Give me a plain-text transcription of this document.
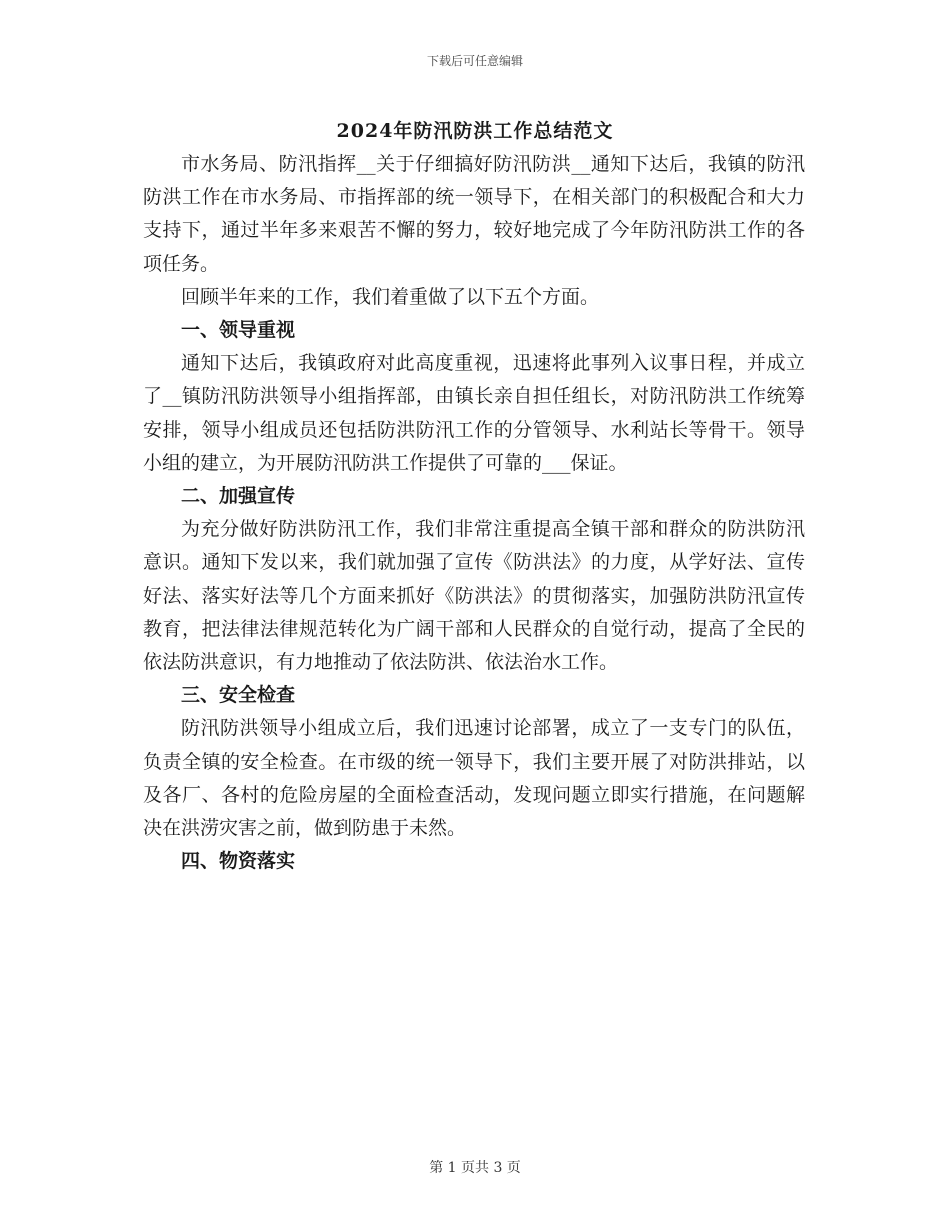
下载后可任意编辑
2024年防汛防洪工作总结范文

市水务局、防汛指挥__关于仔细搞好防汛防洪__通知下达后，我镇的防汛防洪工作在市水务局、市指挥部的统一领导下，在相关部门的积极配合和大力支持下，通过半年多来艰苦不懈的努力，较好地完成了今年防汛防洪工作的各项任务。

回顾半年来的工作，我们着重做了以下五个方面。

一、领导重视

通知下达后，我镇政府对此高度重视，迅速将此事列入议事日程，并成立了__镇防汛防洪领导小组指挥部，由镇长亲自担任组长，对防汛防洪工作统筹安排，领导小组成员还包括防洪防汛工作的分管领导、水利站长等骨干。领导小组的建立，为开展防汛防洪工作提供了可靠的___保证。

二、加强宣传

为充分做好防洪防汛工作，我们非常注重提高全镇干部和群众的防洪防汛意识。通知下发以来，我们就加强了宣传《防洪法》的力度，从学好法、宣传好法、落实好法等几个方面来抓好《防洪法》的贯彻落实，加强防洪防汛宣传教育，把法律法律规范转化为广阔干部和人民群众的自觉行动，提高了全民的依法防洪意识，有力地推动了依法防洪、依法治水工作。

三、安全检查

防汛防洪领导小组成立后，我们迅速讨论部署，成立了一支专门的队伍，负责全镇的安全检查。在市级的统一领导下，我们主要开展了对防洪排站，以及各厂、各村的危险房屋的全面检查活动，发现问题立即实行措施，在问题解决在洪涝灾害之前，做到防患于未然。

四、物资落实

第 1 页共 3 页
